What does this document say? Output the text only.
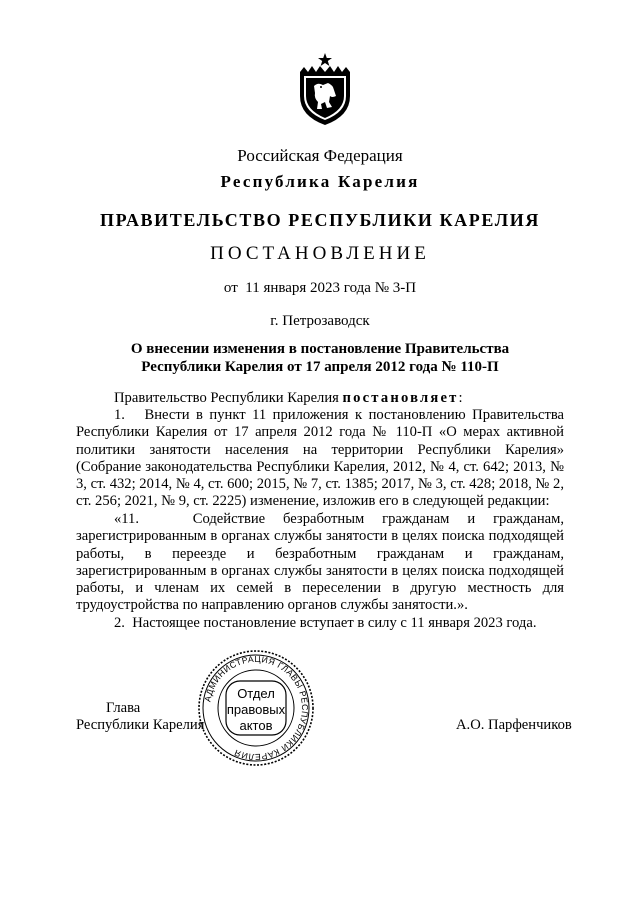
Российская Федерация
Республика Карелия
ПРАВИТЕЛЬСТВО РЕСПУБЛИКИ КАРЕЛИЯ
ПОСТАНОВЛЕНИЕ
от  11 января 2023 года № 3-П
г. Петрозаводск
О внесении изменения в постановление Правительства
Республики Карелия от 17 апреля 2012 года № 110-П
Правительство Республики Карелия постановляет:
1.   Внести в пункт 11 приложения к постановлению Правительства Республики Карелия от 17 апреля 2012 года № 110-П «О мерах активной политики занятости населения на территории Республики Карелия» (Собрание законодательства Республики Карелия, 2012, № 4, ст. 642; 2013, № 3, ст. 432; 2014, № 4, ст. 600; 2015, № 7, ст. 1385; 2017, № 3, ст. 428; 2018, № 2, ст. 256; 2021, № 9, ст. 2225) изменение, изложив его в следующей редакции:
«11.   Содействие безработным гражданам и гражданам, зарегистрированным в органах службы занятости в целях поиска подходящей работы, в переезде и безработным гражданам и гражданам, зарегистрированным в органах службы занятости в целях поиска подходящей работы, и членам их семей в переселении в другую местность для трудоустройства по направлению органов службы занятости.».
2.  Настоящее постановление вступает в силу с 11 января 2023 года.
АДМИНИСТРАЦИЯ ГЛАВЫ РЕСПУБЛИКИ КАРЕЛИЯ
Отдел
правовых
актов
Глава
Республики Карелия	А.О. Парфенчиков
